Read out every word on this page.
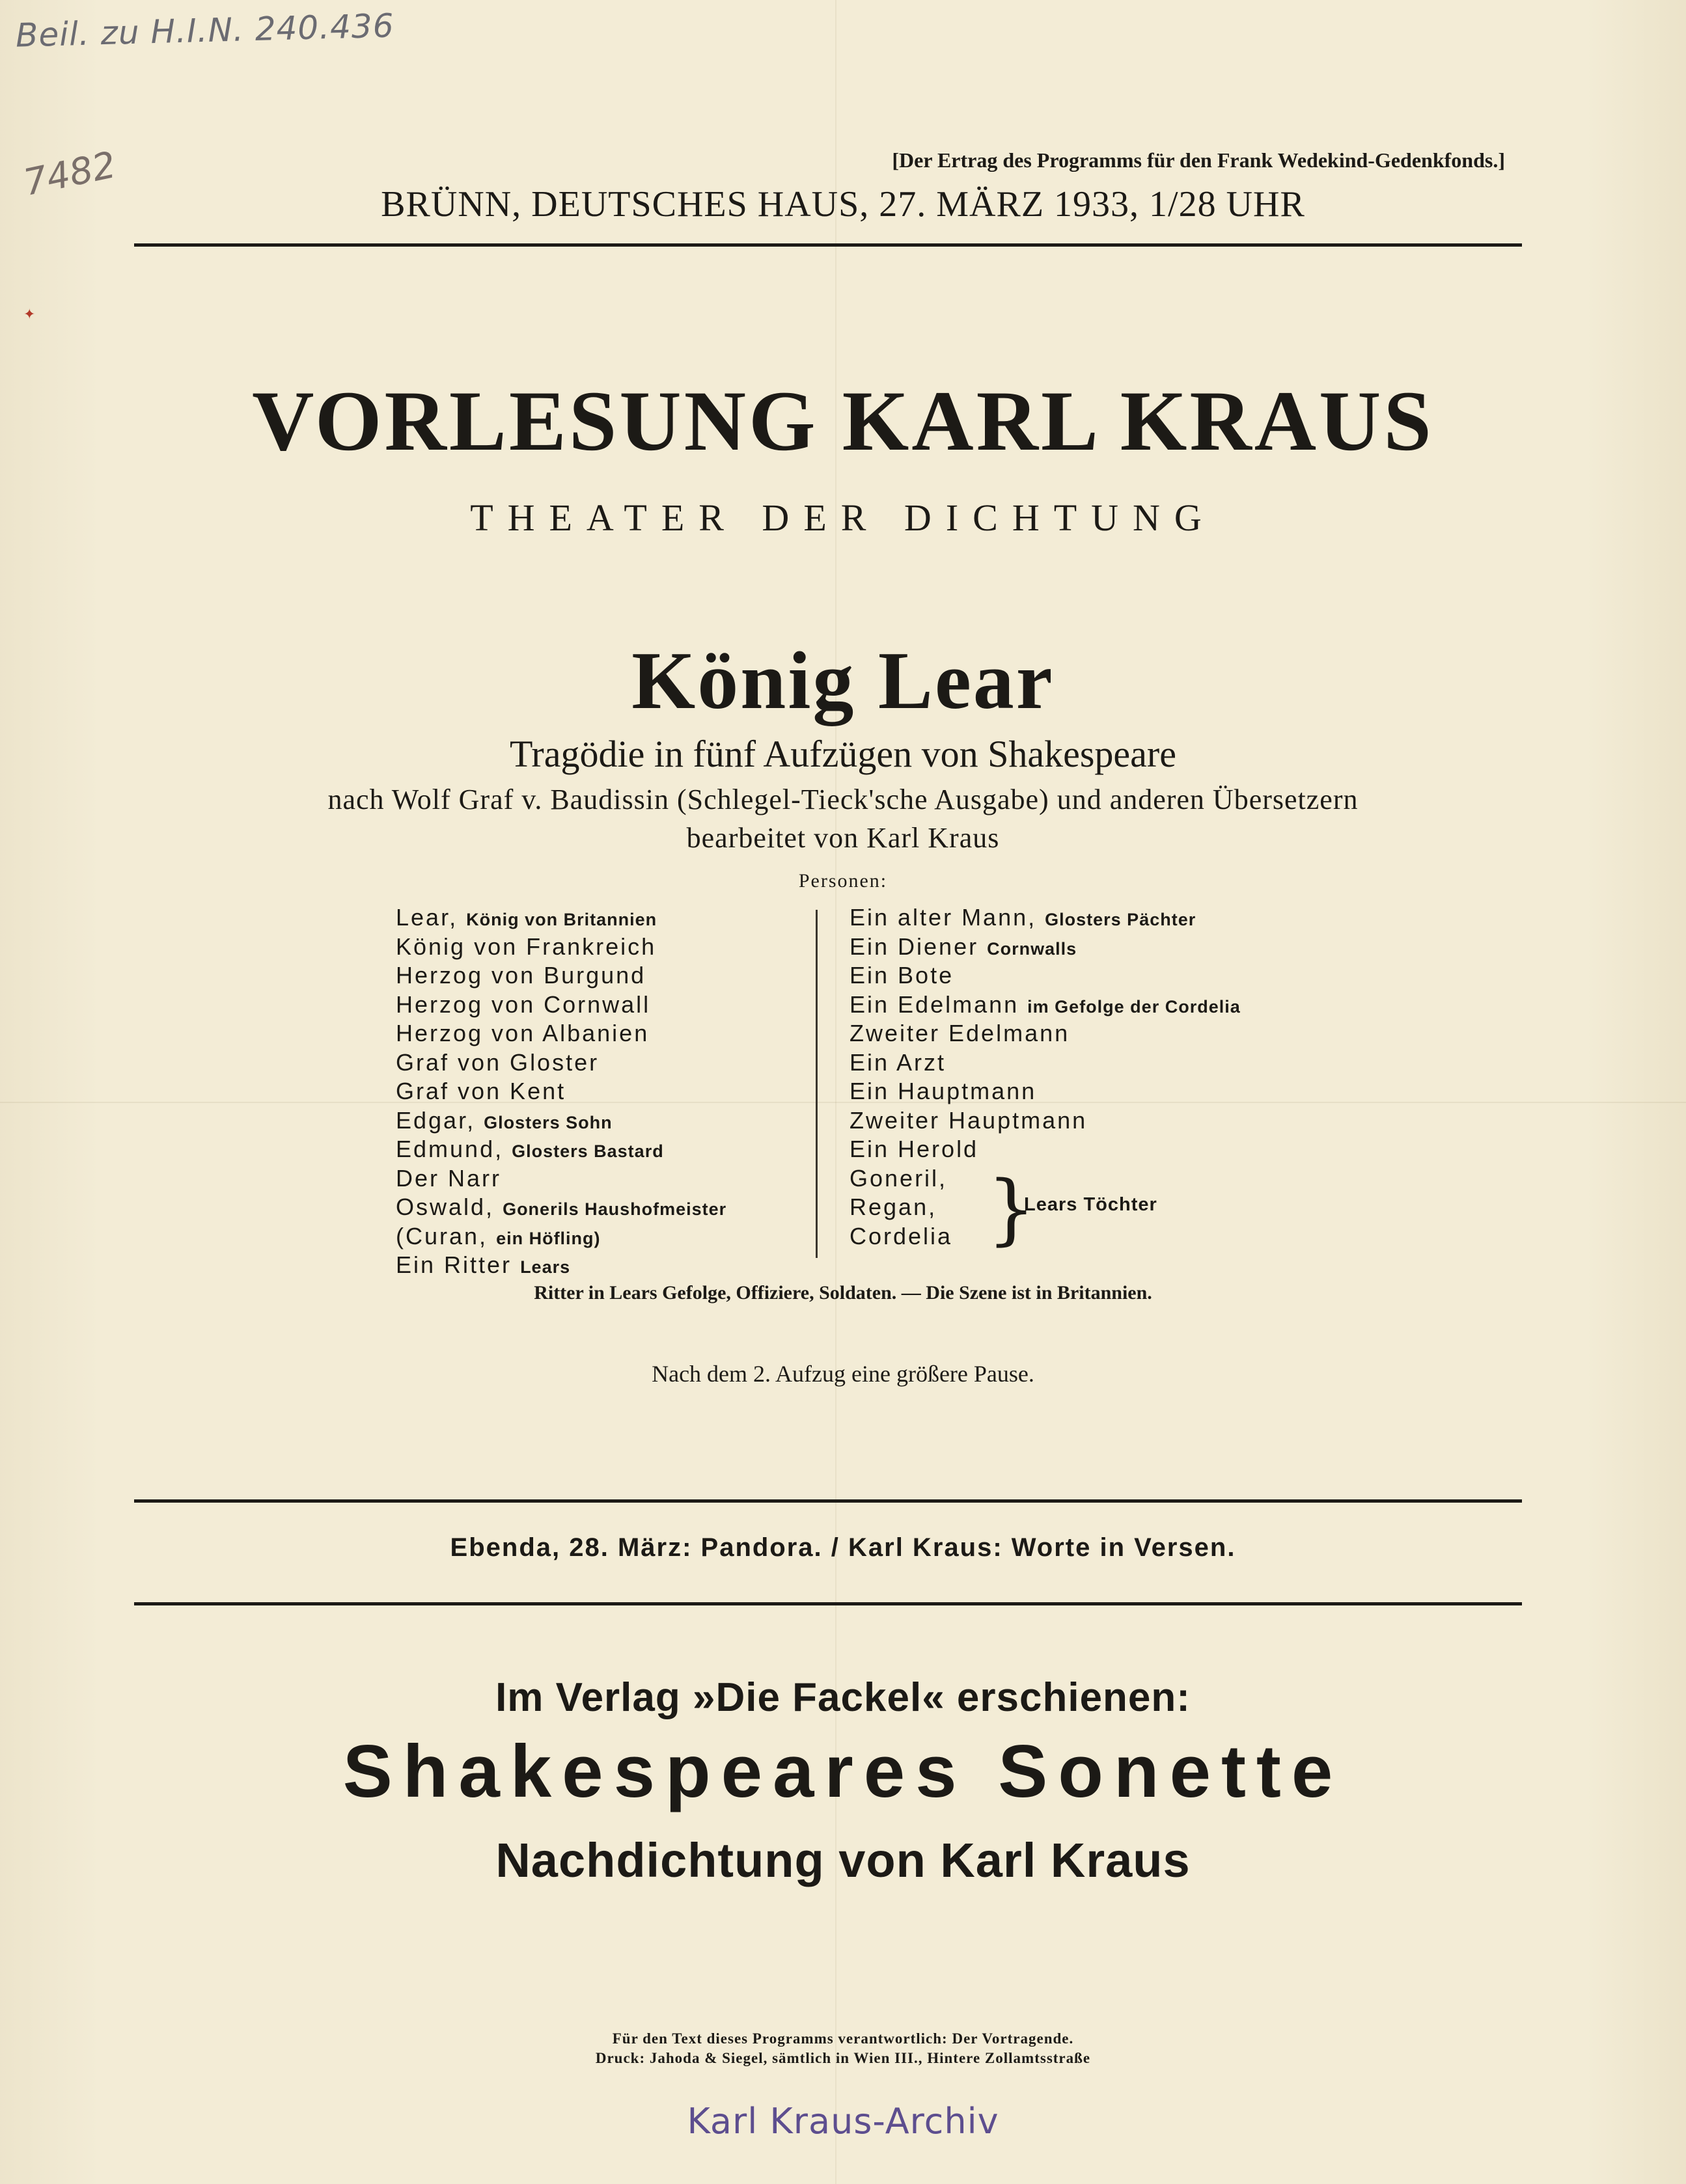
Beil. zu H.I.N. 240.436
7482
✦
[Der Ertrag des Programms für den Frank Wedekind-Gedenkfonds.]
BRÜNN, DEUTSCHES HAUS, 27. MÄRZ 1933, 1/28 UHR
VORLESUNG KARL KRAUS
THEATER DER DICHTUNG
König Lear
Tragödie in fünf Aufzügen von Shakespeare
nach Wolf Graf v. Baudissin (Schlegel-Tieck'sche Ausgabe) und anderen Übersetzern
bearbeitet von Karl Kraus
Personen:
Lear, König von Britannien
König von Frankreich
Herzog von Burgund
Herzog von Cornwall
Herzog von Albanien
Graf von Gloster
Graf von Kent
Edgar, Glosters Sohn
Edmund, Glosters Bastard
Der Narr
Oswald, Gonerils Haushofmeister
(Curan, ein Höfling)
Ein Ritter Lears
Ein alter Mann, Glosters Pächter
Ein Diener Cornwalls
Ein Bote
Ein Edelmann im Gefolge der Cordelia
Zweiter Edelmann
Ein Arzt
Ein Hauptmann
Zweiter Hauptmann
Ein Herold
Goneril,
Regan,
Cordelia }
Lears Töchter
Ritter in Lears Gefolge, Offiziere, Soldaten. — Die Szene ist in Britannien.
Nach dem 2. Aufzug eine größere Pause.
Ebenda, 28. März: Pandora. / Karl Kraus: Worte in Versen.
Im Verlag »Die Fackel« erschienen:
Shakespeares Sonette
Nachdichtung von Karl Kraus
Für den Text dieses Programms verantwortlich: Der Vortragende.
Druck: Jahoda & Siegel, sämtlich in Wien III., Hintere Zollamtsstraße
Karl Kraus-Archiv
